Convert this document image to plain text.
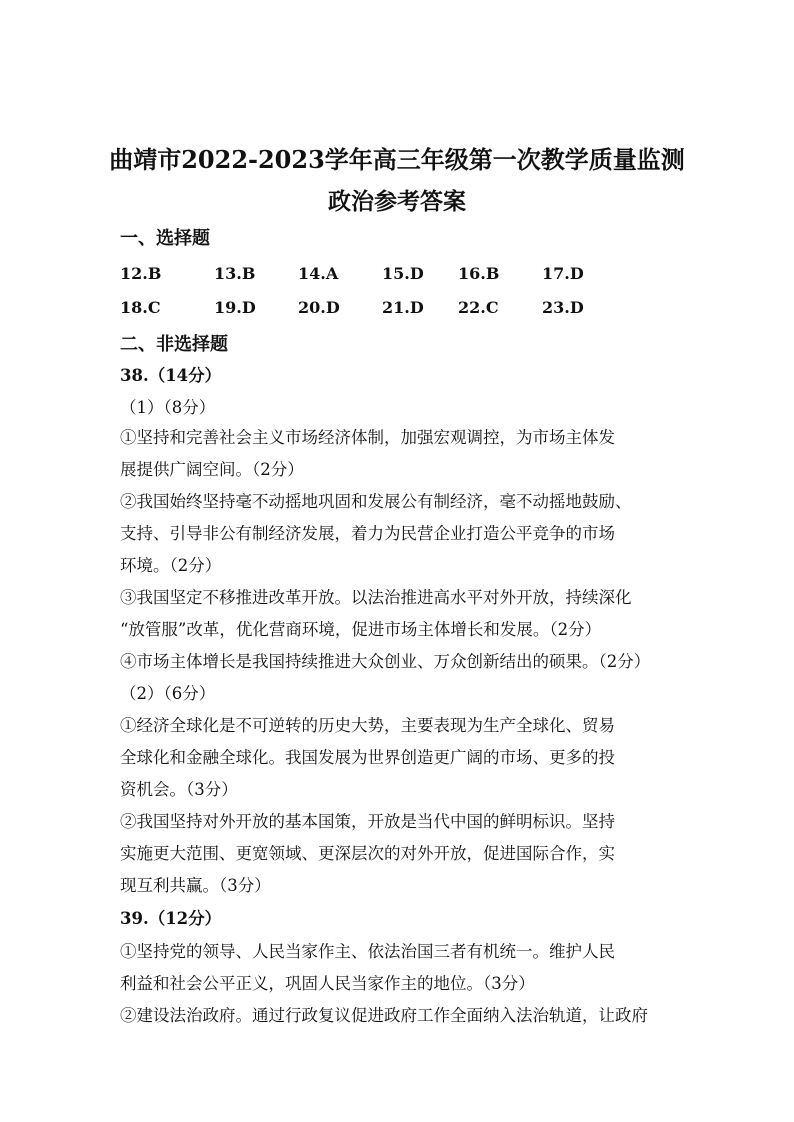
曲靖市2022-2023学年高三年级第一次教学质量监测
政治参考答案
一、选择题
12.B	13.B	14.A	15.D 16.B	17.D
18.C	19.D	20.D	21.D 22.C	23.D
二、非选择题
38.（14分）
（1）（8分）
①坚持和完善社会主义市场经济体制，加强宏观调控，为市场主体发
展提供广阔空间。（2分）
②我国始终坚持毫不动摇地巩固和发展公有制经济，毫不动摇地鼓励、
支持、引导非公有制经济发展，着力为民营企业打造公平竞争的市场
环境。（2分）
③我国坚定不移推进改革开放。以法治推进高水平对外开放，持续深化
“放管服”改革，优化营商环境，促进市场主体增长和发展。（2分）
④市场主体增长是我国持续推进大众创业、万众创新结出的硕果。（2分）
（2）（6分）
①经济全球化是不可逆转的历史大势，主要表现为生产全球化、贸易
全球化和金融全球化。我国发展为世界创造更广阔的市场、更多的投
资机会。（3分）
②我国坚持对外开放的基本国策，开放是当代中国的鲜明标识。坚持
实施更大范围、更宽领域、更深层次的对外开放，促进国际合作，实
现互利共赢。（3分）
39.（12分）
①坚持党的领导、人民当家作主、依法治国三者有机统一。维护人民
利益和社会公平正义，巩固人民当家作主的地位。（3分）
②建设法治政府。通过行政复议促进政府工作全面纳入法治轨道，让政府
